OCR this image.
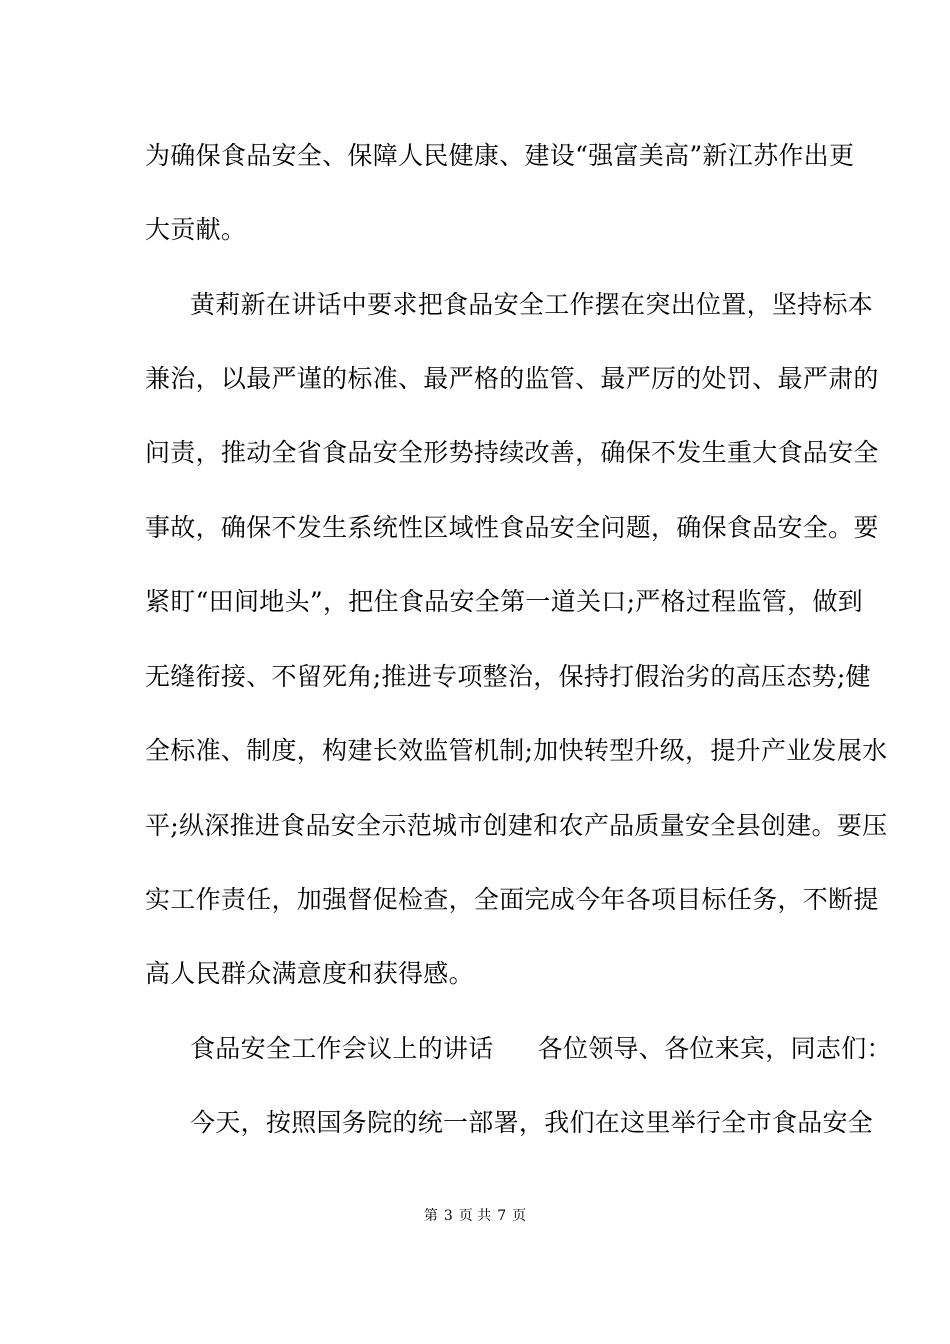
为确保食品安全、保障人民健康、建设“强富美高”新江苏作出更
大贡献。
黄莉新在讲话中要求把食品安全工作摆在突出位置，坚持标本
兼治，以最严谨的标准、最严格的监管、最严厉的处罚、最严肃的
问责，推动全省食品安全形势持续改善，确保不发生重大食品安全
事故，确保不发生系统性区域性食品安全问题，确保食品安全。要
紧盯“田间地头”，把住食品安全第一道关口;严格过程监管，做到
无缝衔接、不留死角;推进专项整治，保持打假治劣的高压态势;健
全标准、制度，构建长效监管机制;加快转型升级，提升产业发展水
平;纵深推进食品安全示范城市创建和农产品质量安全县创建。要压
实工作责任，加强督促检查，全面完成今年各项目标任务，不断提
高人民群众满意度和获得感。
食品安全工作会议上的讲话 各位领导、各位来宾，同志们：
今天，按照国务院的统一部署，我们在这里举行全市食品安全
第 3 页 共 7 页
